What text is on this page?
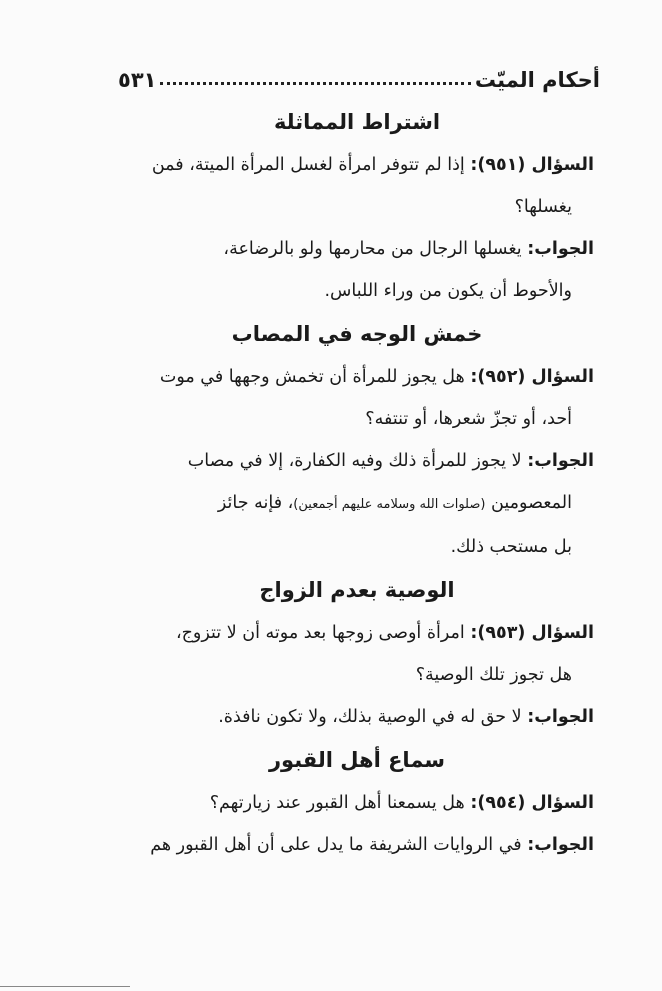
أحكام الميّت
٥٣١
اشتراط المماثلة

السؤال (٩٥١): إذا لم تتوفر امرأة لغسل المرأة الميتة، فمن
يغسلها؟

الجواب: يغسلها الرجال من محارمها ولو بالرضاعة،
والأحوط أن يكون من وراء اللباس.

خمش الوجه في المصاب

السؤال (٩٥٢): هل يجوز للمرأة أن تخمش وجهها في موت
أحد، أو تجزّ شعرها، أو تنتفه؟

الجواب: لا يجوز للمرأة ذلك وفيه الكفارة، إلا في مصاب
المعصومين (صلوات الله وسلامه عليهم أجمعين)، فإنه جائز
بل مستحب ذلك.

الوصية بعدم الزواج

السؤال (٩٥٣): امرأة أوصى زوجها بعد موته أن لا تتزوج،
هل تجوز تلك الوصية؟

الجواب: لا حق له في الوصية بذلك، ولا تكون نافذة.

سماع أهل القبور

السؤال (٩٥٤): هل يسمعنا أهل القبور عند زيارتهم؟

الجواب: في الروايات الشريفة ما يدل على أن أهل القبور هم
